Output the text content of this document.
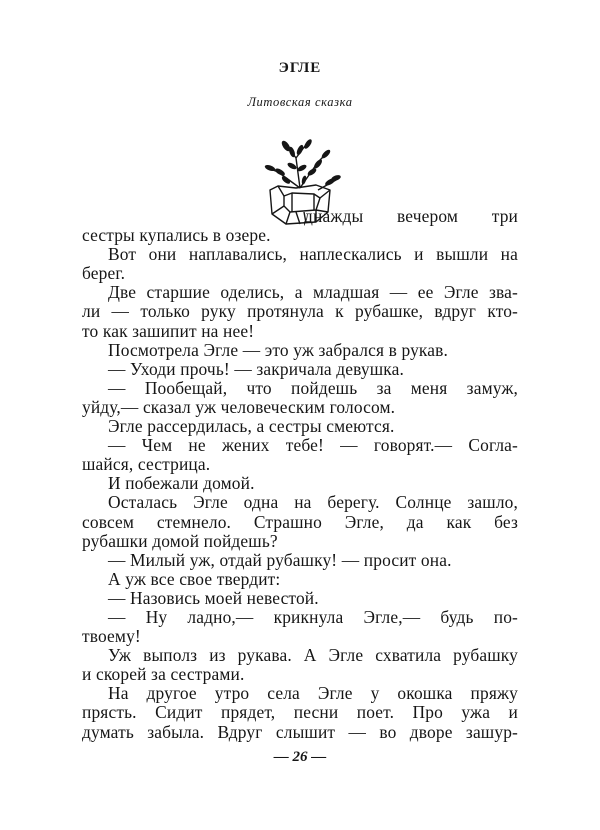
ЭГЛЕ
Литовская сказка
днажды вечером три
сестры купались в озере.
Вот они наплавались, наплескались и вышли на
берег.
Две старшие оделись, а младшая — ее Эгле зва-
ли — только руку протянула к рубашке, вдруг кто-
то как зашипит на нее!
Посмотрела Эгле — это уж забрался в рукав.
— Уходи прочь! — закричала девушка.
— Пообещай, что пойдешь за меня замуж,
уйду,— сказал уж человеческим голосом.
Эгле рассердилась, а сестры смеются.
— Чем не жених тебе! — говорят.— Согла-
шайся, сестрица.
И побежали домой.
Осталась Эгле одна на берегу. Солнце зашло,
совсем стемнело. Страшно Эгле, да как без
рубашки домой пойдешь?
— Милый уж, отдай рубашку! — просит она.
А уж все свое твердит:
— Назовись моей невестой.
— Ну ладно,— крикнула Эгле,— будь по-
твоему!
Уж выполз из рукава. А Эгле схватила рубашку
и скорей за сестрами.
На другое утро села Эгле у окошка пряжу
прясть. Сидит прядет, песни поет. Про ужа и
думать забыла. Вдруг слышит — во дворе зашур-
— 26 —
